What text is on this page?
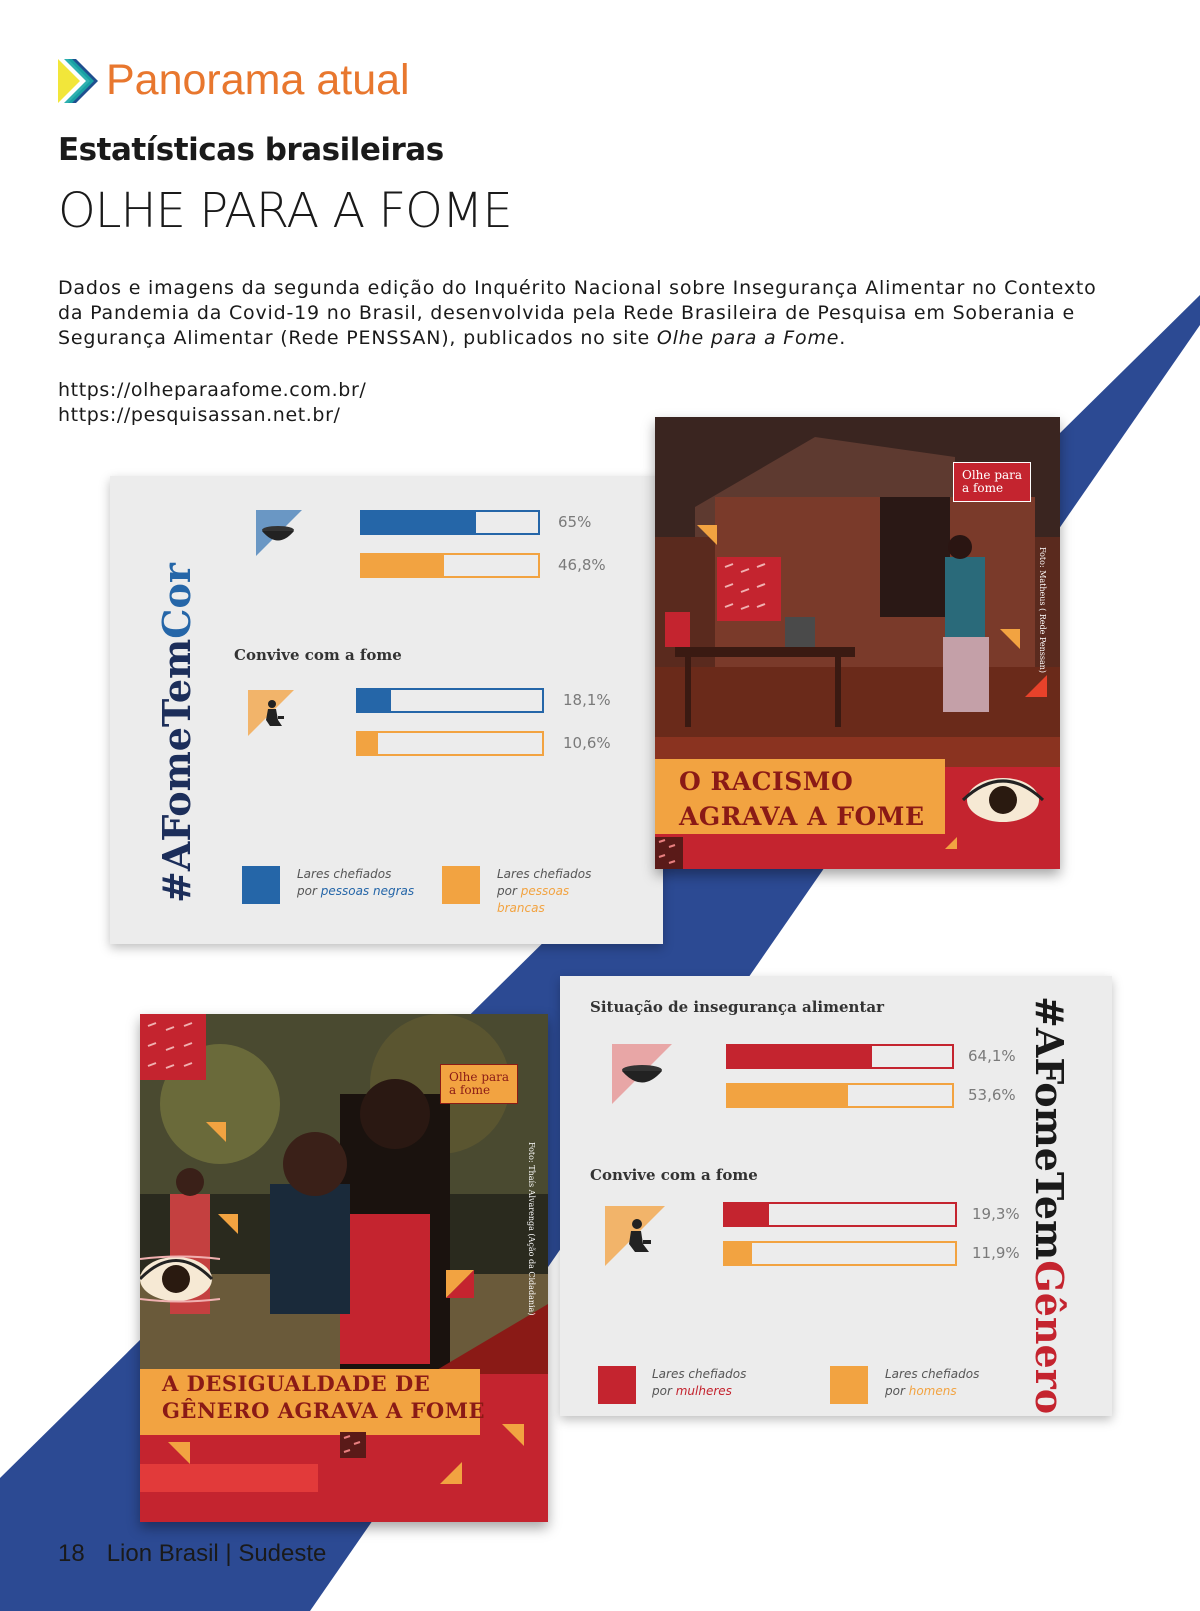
Panorama atual
Estatísticas brasileiras
OLHE PARA A FOME
Dados e imagens da segunda edição do Inquérito Nacional sobre Insegurança Alimentar no Contexto da Pandemia da Covid-19 no Brasil, desenvolvida pela Rede Brasileira de Pesquisa em Soberania e Segurança Alimentar (Rede PENSSAN), publicados no site Olhe para a Fome.
https://olheparaafome.com.br/
https://pesquisassan.net.br/
#AFomeTemCor
65%
46,8%
Convive com a fome
18,1%
10,6%
Lares chefiados
por pessoas negras
Lares chefiados
por pessoas brancas
Olhe para
a fome
Foto: Matheus ( Rede Penssan)
O RACISMO
AGRAVA A FOME
Olhe para
a fome
Foto: Thaís Alvarenga (Ação da Cidadania)
A DESIGUALDADE DE
GÊNERO AGRAVA A FOME
Situação de insegurança alimentar
64,1%
53,6%
Convive com a fome
19,3%
11,9%
Lares chefiados
por mulheres
Lares chefiados
por homens
#AFomeTemGênero
18 Lion Brasil | Sudeste
